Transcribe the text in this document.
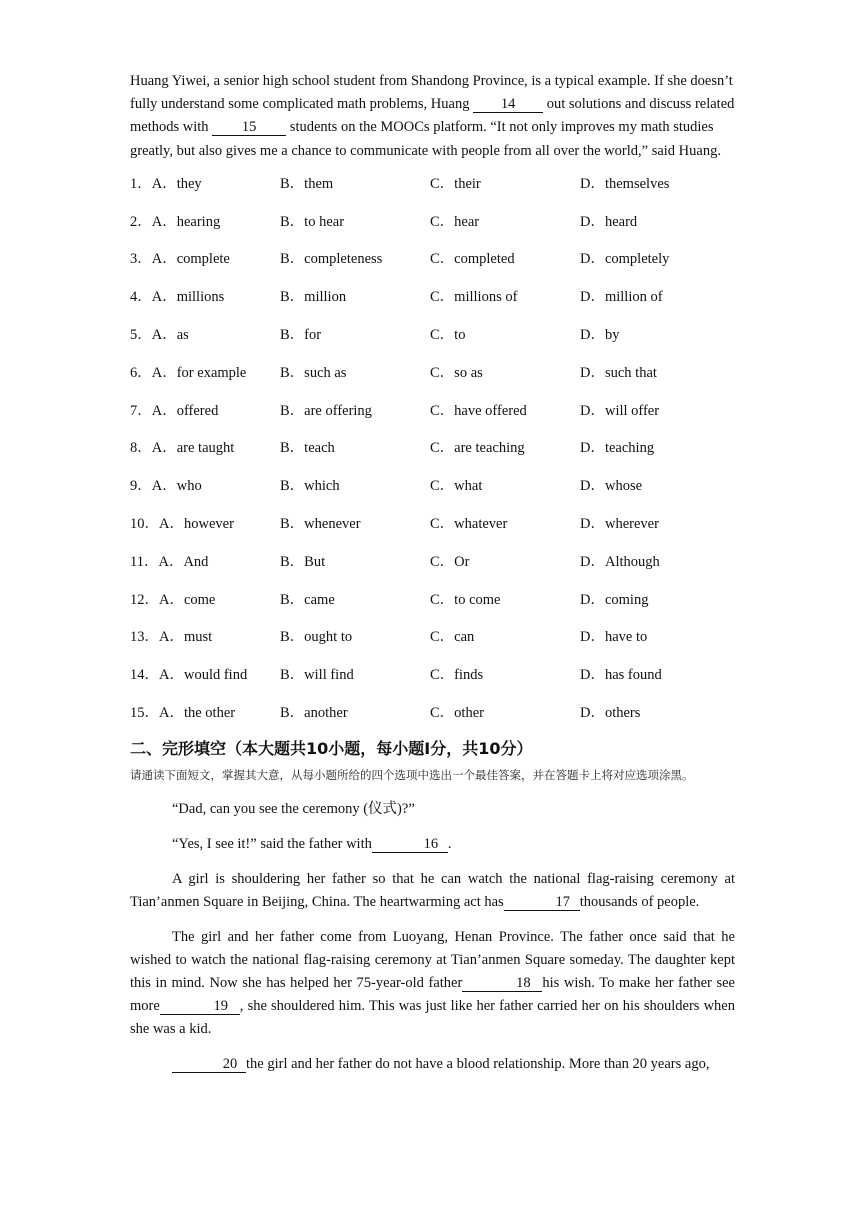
Huang Yiwei, a senior high school student from Shandong Province, is a typical example. If she doesn’t fully understand some complicated math problems, Huang 14 out solutions and discuss related methods with 15 students on the MOOCs platform. “It not only improves my math studies greatly, but also gives me a chance to communicate with people from all over the world,” said Huang.

1．A．they	B．them	C．their	D．themselves
2．A．hearing	B．to hear	C．hear	D．heard
3．A．complete	B．completeness	C．completed	D．completely
4．A．millions	B．million	C．millions of	D．million of
5．A．as	B．for	C．to	D．by
6．A．for example B．such as	C．so as	D．such that
7．A．offered	B．are offering	C．have offered	D．will offer
8．A．are taught	B．teach	C．are teaching	D．teaching
9．A．who	B．which	C．what	D．whose
10．A．however	B．whenever	C．whatever	D．wherever
11．A．And	B．But	C．Or	D．Although
12．A．come	B．came	C．to come	D．coming
13．A．must	B．ought to	C．can	D．have to
14．A．would find B．will find	C．finds	D．has found
15．A．the other	B．another	C．other	D．others
二、完形填空（本大题共10小题，每小题I分，共10分）
请通读下面短文，掌握其大意，从每小题所给的四个选项中选出一个最佳答案，并在答题卡上将对应选项涂黑。

“Dad, can you see the ceremony (仪式)?”

“Yes, I see it!” said the father with	16 .

A girl is shouldering her father so that he can watch the national flag-raising ceremony at Tian’anmen Square in Beijing, China. The heartwarming act has	17 thousands of people.

The girl and her father come from Luoyang, Henan Province. The father once said that he wished to watch the national flag-raising ceremony at Tian’anmen Square someday. The daughter kept this in mind. Now she has helped her 75-year-old father	18 his wish. To make her father see more	19 , she shouldered him. This was just like her father carried her on his shoulders when she was a kid.

20 the girl and her father do not have a blood relationship. More than 20 years ago,
